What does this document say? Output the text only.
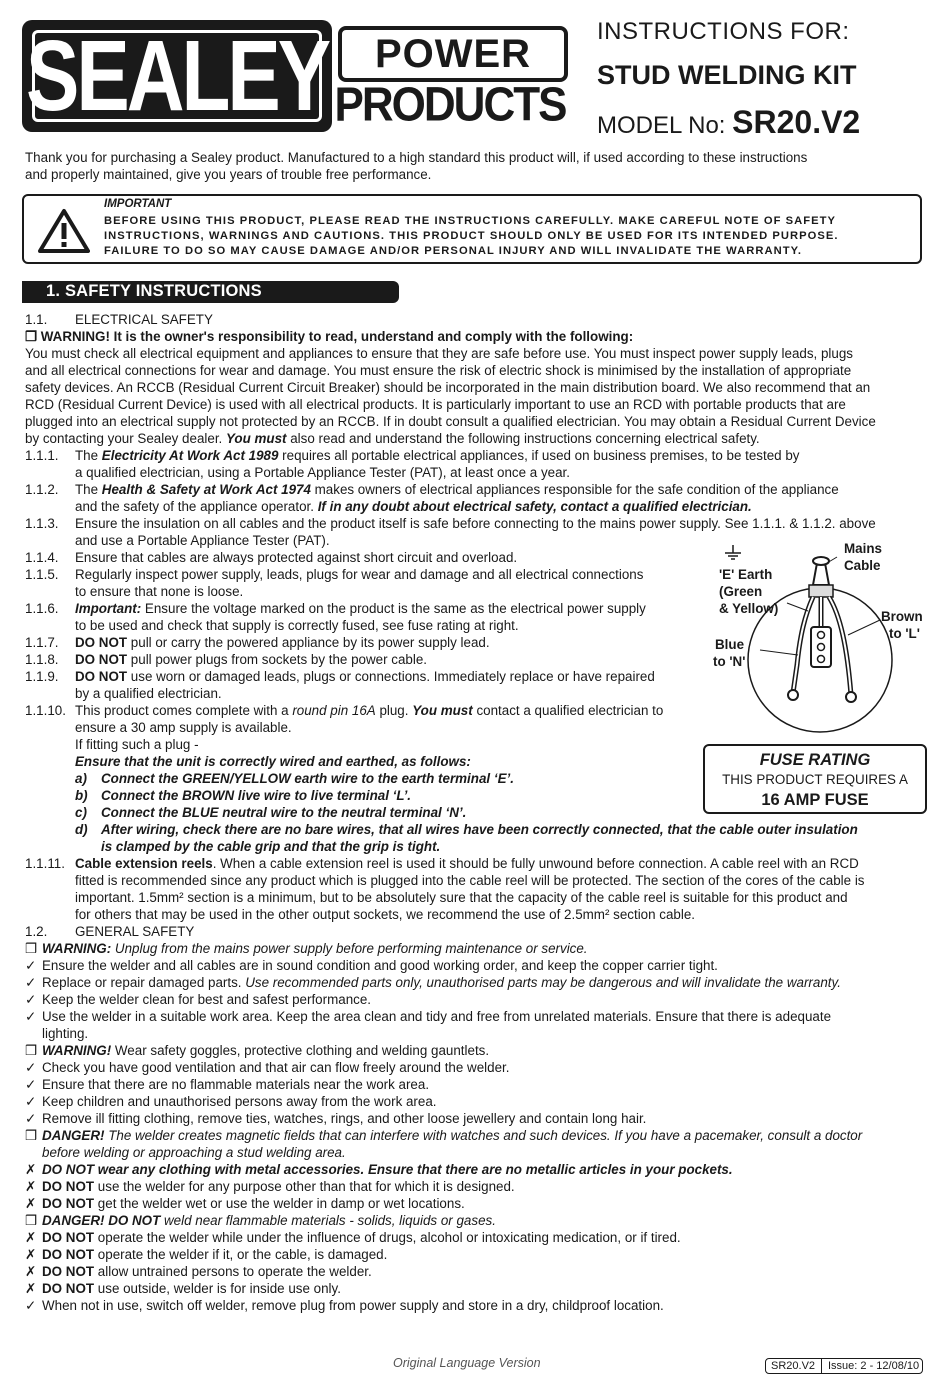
SEALEY POWER
PRODUCTS
INSTRUCTIONS FOR:
STUD WELDING KIT
MODEL No: SR20.V2
Thank you for purchasing a Sealey product. Manufactured to a high standard this product will, if used according to these instructions
and properly maintained, give you years of trouble free performance.
IMPORTANT
BEFORE USING THIS PRODUCT, PLEASE READ THE INSTRUCTIONS CAREFULLY. MAKE CAREFUL NOTE OF SAFETY
INSTRUCTIONS, WARNINGS AND CAUTIONS. THIS PRODUCT SHOULD ONLY BE USED FOR ITS INTENDED PURPOSE.
FAILURE TO DO SO MAY CAUSE DAMAGE AND/OR PERSONAL INJURY AND WILL INVALIDATE THE WARRANTY.
1. SAFETY INSTRUCTIONS
1.1. ELECTRICAL SAFETY
❒ WARNING! It is the owner's responsibility to read, understand and comply with the following:
You must check all electrical equipment and appliances to ensure that they are safe before use. You must inspect power supply leads, plugs
and all electrical connections for wear and damage. You must ensure the risk of electric shock is minimised by the installation of appropriate
safety devices. An RCCB (Residual Current Circuit Breaker) should be incorporated in the main distribution board. We also recommend that an
RCD (Residual Current Device) is used with all electrical products. It is particularly important to use an RCD with portable products that are
plugged into an electrical supply not protected by an RCCB. If in doubt consult a qualified electrician. You may obtain a Residual Current Device
by contacting your Sealey dealer. You must also read and understand the following instructions concerning electrical safety.
1.1.1. The Electricity At Work Act 1989 requires all portable electrical appliances, if used on business premises, to be tested by
a qualified electrician, using a Portable Appliance Tester (PAT), at least once a year.
1.1.2. The Health & Safety at Work Act 1974 makes owners of electrical appliances responsible for the safe condition of the appliance
and the safety of the appliance operator. If in any doubt about electrical safety, contact a qualified electrician.
1.1.3. Ensure the insulation on all cables and the product itself is safe before connecting to the mains power supply. See 1.1.1. & 1.1.2. above
and use a Portable Appliance Tester (PAT).
1.1.4. Ensure that cables are always protected against short circuit and overload.
1.1.5. Regularly inspect power supply, leads, plugs for wear and damage and all electrical connections
to ensure that none is loose.
1.1.6. Important: Ensure the voltage marked on the product is the same as the electrical power supply
to be used and check that supply is correctly fused, see fuse rating at right.
1.1.7. DO NOT pull or carry the powered appliance by its power supply lead.
1.1.8. DO NOT pull power plugs from sockets by the power cable.
1.1.9. DO NOT use worn or damaged leads, plugs or connections. Immediately replace or have repaired
by a qualified electrician.
1.1.10. This product comes complete with a round pin 16A plug. You must contact a qualified electrician to
ensure a 30 amp supply is available.
If fitting such a plug -
Ensure that the unit is correctly wired and earthed, as follows:
a) Connect the GREEN/YELLOW earth wire to the earth terminal ‘E’.
b) Connect the BROWN live wire to live terminal ‘L’.
c) Connect the BLUE neutral wire to the neutral terminal ‘N’.
d) After wiring, check there are no bare wires, that all wires have been correctly connected, that the cable outer insulation
is clamped by the cable grip and that the grip is tight.
1.1.11. Cable extension reels. When a cable extension reel is used it should be fully unwound before connection. A cable reel with an RCD
fitted is recommended since any product which is plugged into the cable reel will be protected. The section of the cores of the cable is
important. 1.5mm² section is a minimum, but to be absolutely sure that the capacity of the cable reel is suitable for this product and
for others that may be used in the other output sockets, we recommend the use of 2.5mm² section cable.
Mains
Cable
'E' Earth
(Green
& Yellow)
Brown
to 'L'
Blue
to 'N'
FUSE RATING
THIS PRODUCT REQUIRES A
16 AMP FUSE
1.2. GENERAL SAFETY
❒ WARNING: Unplug from the mains power supply before performing maintenance or service.
✓ Ensure the welder and all cables are in sound condition and good working order, and keep the copper carrier tight.
✓ Replace or repair damaged parts. Use recommended parts only, unauthorised parts may be dangerous and will invalidate the warranty.
✓ Keep the welder clean for best and safest performance.
✓ Use the welder in a suitable work area. Keep the area clean and tidy and free from unrelated materials. Ensure that there is adequate
lighting.
❒ WARNING! Wear safety goggles, protective clothing and welding gauntlets.
✓ Check you have good ventilation and that air can flow freely around the welder.
✓ Ensure that there are no flammable materials near the work area.
✓ Keep children and unauthorised persons away from the work area.
✓ Remove ill fitting clothing, remove ties, watches, rings, and other loose jewellery and contain long hair.
❒ DANGER! The welder creates magnetic fields that can interfere with watches and such devices. If you have a pacemaker, consult a doctor
before welding or approaching a stud welding area.
✗ DO NOT wear any clothing with metal accessories. Ensure that there are no metallic articles in your pockets.
✗ DO NOT use the welder for any purpose other than that for which it is designed.
✗ DO NOT get the welder wet or use the welder in damp or wet locations.
❒ DANGER! DO NOT weld near flammable materials - solids, liquids or gases.
✗ DO NOT operate the welder while under the influence of drugs, alcohol or intoxicating medication, or if tired.
✗ DO NOT operate the welder if it, or the cable, is damaged.
✗ DO NOT allow untrained persons to operate the welder.
✗ DO NOT use outside, welder is for inside use only.
✓ When not in use, switch off welder, remove plug from power supply and store in a dry, childproof location.
Original Language Version	SR20.V2 Issue: 2 - 12/08/10
